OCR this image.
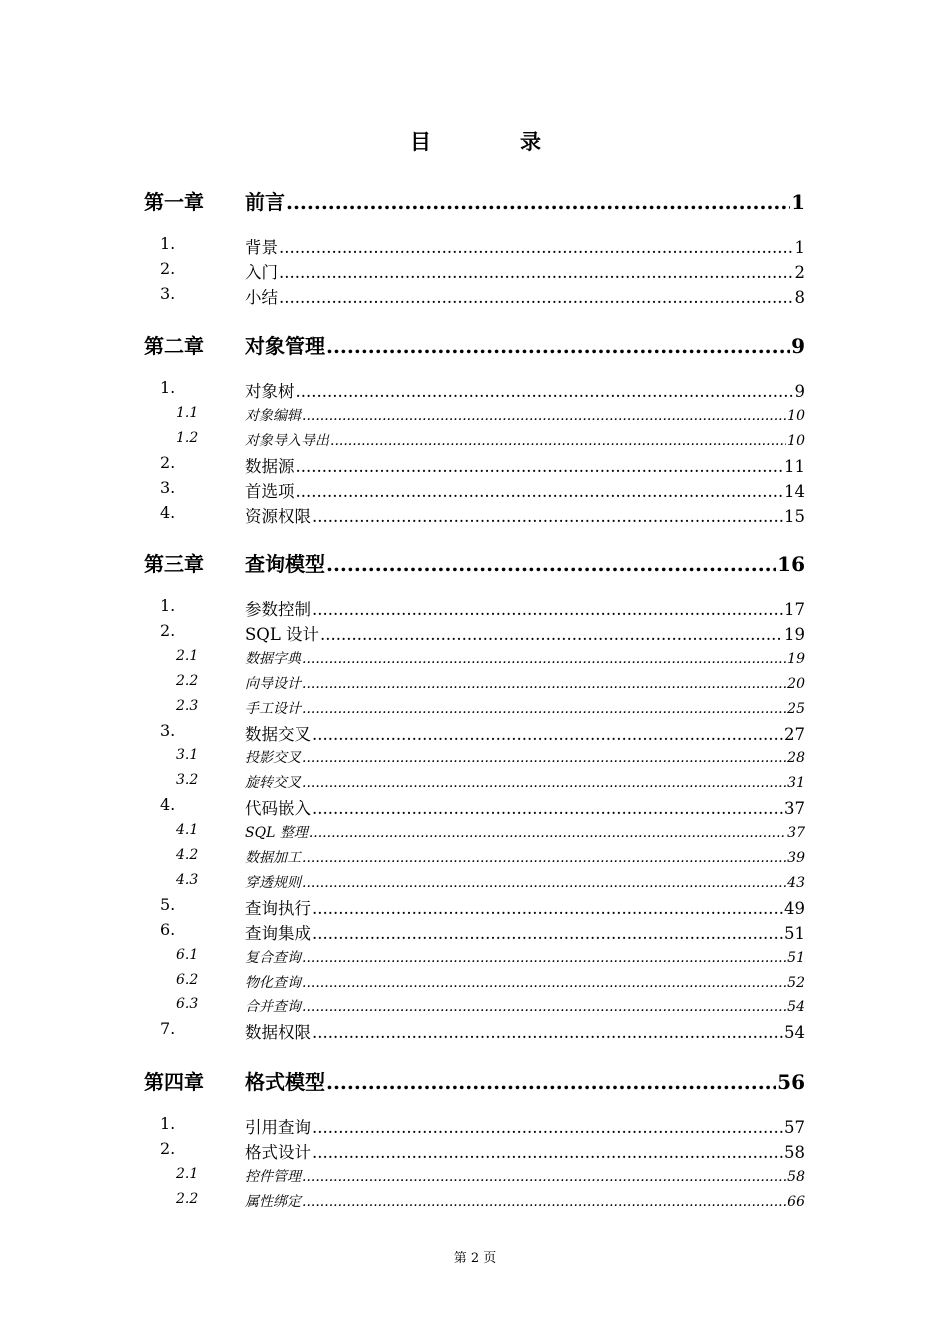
目	录
第一章 前言 .....	1
1.	背景 .....	1
2.	入门 .....	2
3.	小结 .....	8
第二章 对象管理 .....	9
1.	对象树 .....	9
1.1	对象编辑 .....	10
1.2	对象导入导出 .....	10
2.	数据源 .....	11
3.	首选项 .....	14
4.	资源权限 .....	15
第三章 查询模型 .....	16
1.	参数控制 .....	17
2.	SQL 设计 .....	19
2.1	数据字典 .....	19
2.2	向导设计 .....	20
2.3	手工设计 .....	25
3.	数据交叉 .....	27
3.1	投影交叉 .....	28
3.2	旋转交叉 .....	31
4.	代码嵌入 .....	37
4.1	SQL 整理 .....	37
4.2	数据加工 .....	39
4.3	穿透规则 .....	43
5.	查询执行 .....	49
6.	查询集成 .....	51
6.1	复合查询 .....	51
6.2	物化查询 .....	52
6.3	合并查询 .....	54
7.	数据权限 .....	54
第四章 格式模型 .....	56
1.	引用查询 .....	57
2.	格式设计 .....	58
2.1	控件管理 .....	58
2.2	属性绑定 .....	66
第 2 页
